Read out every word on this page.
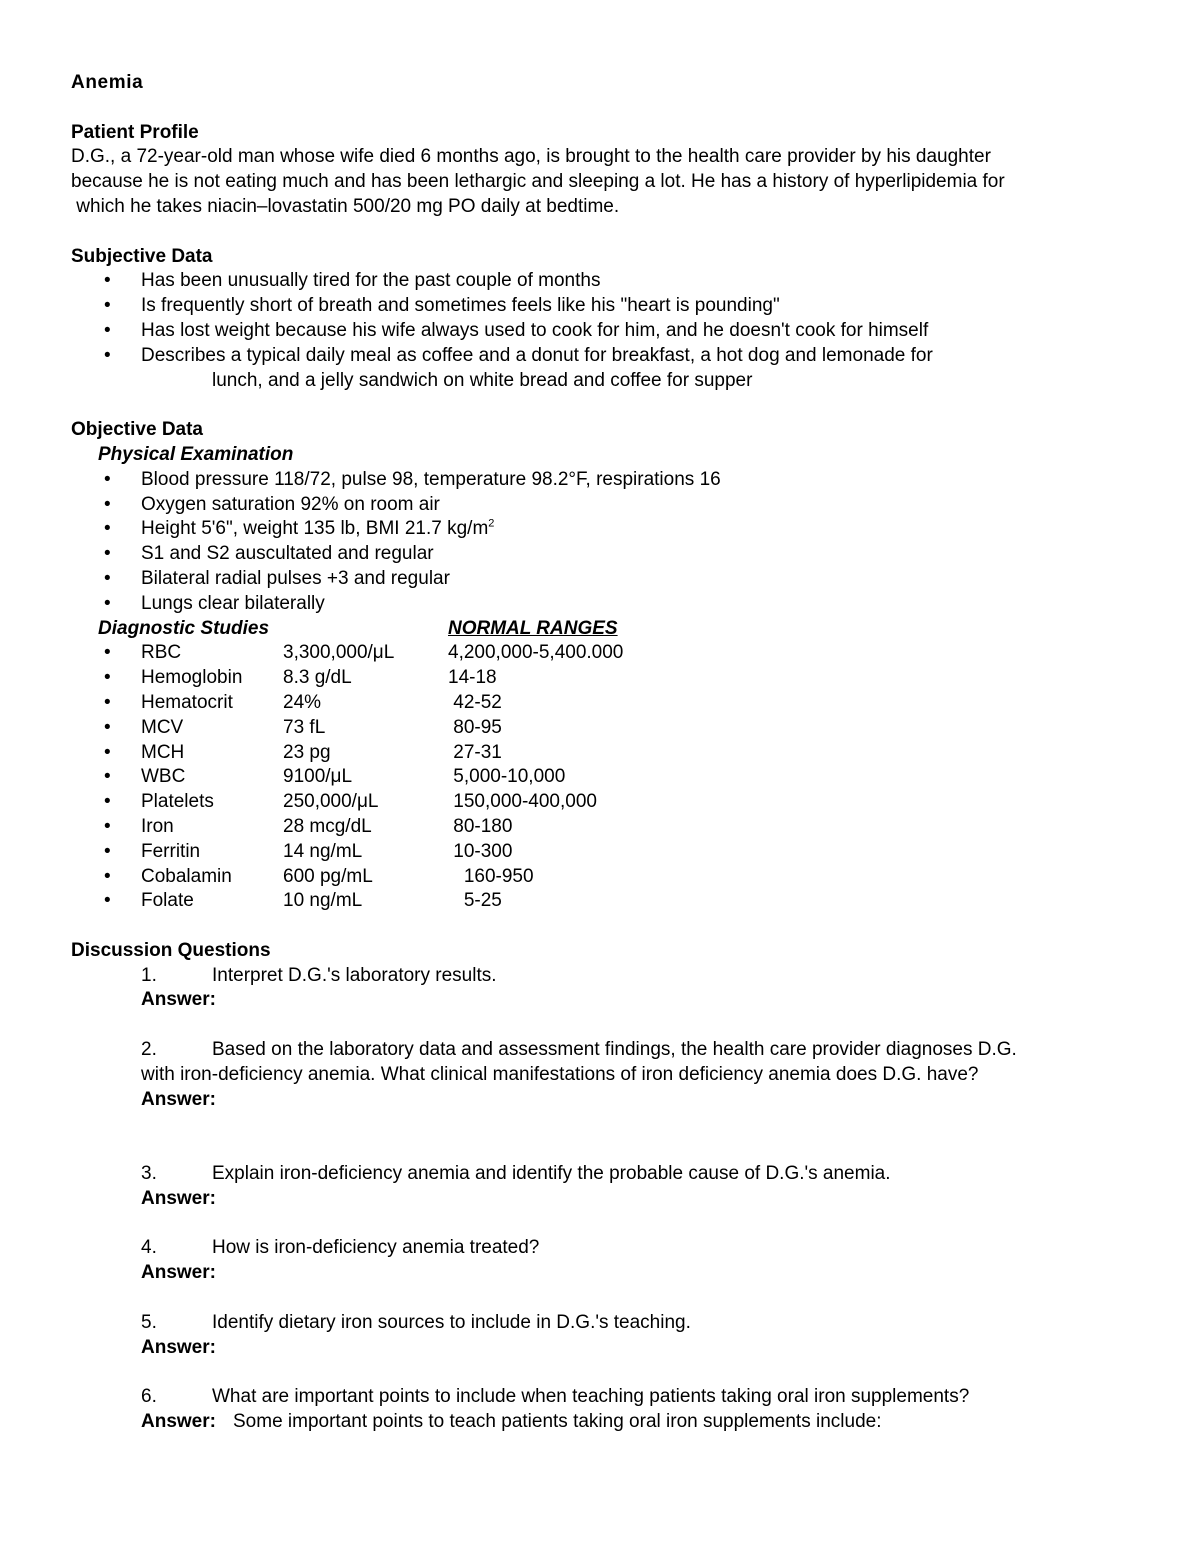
Anemia
Patient Profile
D.G., a 72-year-old man whose wife died 6 months ago, is brought to the health care provider by his daughter
because he is not eating much and has been lethargic and sleeping a lot. He has a history of hyperlipidemia for
which he takes niacin–lovastatin 500/20 mg PO daily at bedtime.
Subjective Data
• Has been unusually tired for the past couple of months
• Is frequently short of breath and sometimes feels like his "heart is pounding"
• Has lost weight because his wife always used to cook for him, and he doesn't cook for himself
• Describes a typical daily meal as coffee and a donut for breakfast, a hot dog and lemonade for
lunch, and a jelly sandwich on white bread and coffee for supper
Objective Data
Physical Examination
• Blood pressure 118/72, pulse 98, temperature 98.2°F, respirations 16
• Oxygen saturation 92% on room air
• Height 5'6", weight 135 lb, BMI 21.7 $kg/m^2$
• S1 and S2 auscultated and regular
• Bilateral radial pulses +3 and regular
• Lungs clear bilaterally
Diagnostic Studies	NORMAL RANGES
• RBC	3,300,000/μL	4,200,000-5,400.000
• Hemoglobin 8.3 g/dL	14-18
• Hematocrit	24%	42-52
• MCV	73 fL	80-95
• MCH	23 pg	27-31
• WBC	9100/μL	5,000-10,000
• Platelets	250,000/μL	150,000-400,000
• Iron	28 mcg/dL	80-180
• Ferritin	14 ng/mL	10-300
• Cobalamin	600 pg/mL	160-950
• Folate	10 ng/mL	5-25
Discussion Questions
1.	Interpret D.G.'s laboratory results.
Answer:
2.	Based on the laboratory data and assessment findings, the health care provider diagnoses D.G.
with iron-deficiency anemia. What clinical manifestations of iron deficiency anemia does D.G. have?
Answer:
3.	Explain iron-deficiency anemia and identify the probable cause of D.G.'s anemia.
Answer:
4.	How is iron-deficiency anemia treated?
Answer:
5.	Identify dietary iron sources to include in D.G.'s teaching.
Answer:
6.	What are important points to include when teaching patients taking oral iron supplements?
Answer: Some important points to teach patients taking oral iron supplements include:
